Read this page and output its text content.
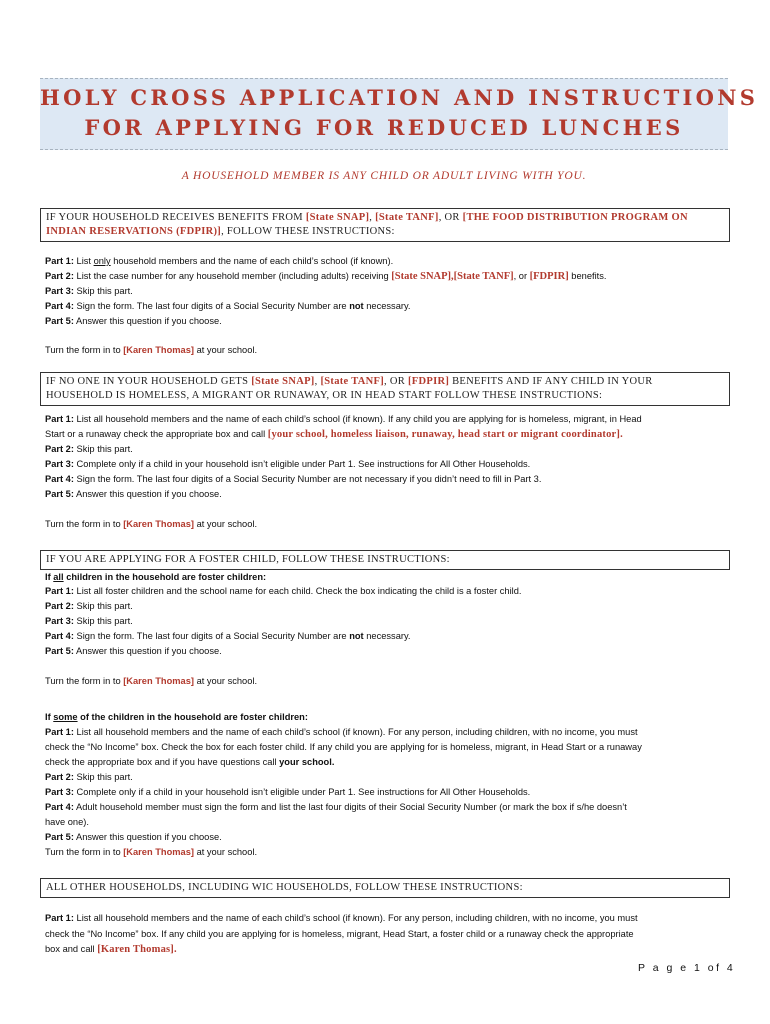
HOLY CROSS APPLICATION AND INSTRUCTIONS
FOR APPLYING FOR REDUCED LUNCHES
A HOUSEHOLD MEMBER IS ANY CHILD OR ADULT LIVING WITH YOU.
IF YOUR HOUSEHOLD RECEIVES BENEFITS FROM [State SNAP], [State TANF], OR [THE FOOD DISTRIBUTION PROGRAM ON INDIAN RESERVATIONS (FDPIR)], FOLLOW THESE INSTRUCTIONS:
Part 1: List only household members and the name of each child’s school (if known).
Part 2: List the case number for any household member (including adults) receiving [State SNAP],[State TANF], or [FDPIR] benefits.
Part 3: Skip this part.
Part 4: Sign the form. The last four digits of a Social Security Number are not necessary.
Part 5: Answer this question if you choose.
Turn the form in to [Karen Thomas] at your school.
IF NO ONE IN YOUR HOUSEHOLD GETS [State SNAP], [State TANF], OR [FDPIR] BENEFITS AND IF ANY CHILD IN YOUR
HOUSEHOLD IS HOMELESS, A MIGRANT OR RUNAWAY, OR IN HEAD START FOLLOW THESE INSTRUCTIONS:
Part 1: List all household members and the name of each child’s school (if known). If any child you are applying for is homeless, migrant, in Head
Start or a runaway check the appropriate box and call [your school, homeless liaison, runaway, head start or migrant coordinator].
Part 2: Skip this part.
Part 3: Complete only if a child in your household isn’t eligible under Part 1. See instructions for All Other Households.
Part 4: Sign the form. The last four digits of a Social Security Number are not necessary if you didn’t need to fill in Part 3.
Part 5: Answer this question if you choose.
Turn the form in to [Karen Thomas] at your school.
IF YOU ARE APPLYING FOR A FOSTER CHILD, FOLLOW THESE INSTRUCTIONS:
If all children in the household are foster children:
Part 1: List all foster children and the school name for each child. Check the box indicating the child is a foster child.
Part 2: Skip this part.
Part 3: Skip this part.
Part 4: Sign the form. The last four digits of a Social Security Number are not necessary.
Part 5: Answer this question if you choose.
Turn the form in to [Karen Thomas] at your school.
If some of the children in the household are foster children:
Part 1: List all household members and the name of each child’s school (if known). For any person, including children, with no income, you must
check the “No Income” box. Check the box for each foster child. If any child you are applying for is homeless, migrant, in Head Start or a runaway
check the appropriate box and if you have questions call your school.
Part 2: Skip this part.
Part 3: Complete only if a child in your household isn’t eligible under Part 1. See instructions for All Other Households.
Part 4: Adult household member must sign the form and list the last four digits of their Social Security Number (or mark the box if s/he doesn’t
have one).
Part 5: Answer this question if you choose.
Turn the form in to [Karen Thomas] at your school.
ALL OTHER HOUSEHOLDS, INCLUDING WIC HOUSEHOLDS, FOLLOW THESE INSTRUCTIONS:
Part 1: List all household members and the name of each child’s school (if known). For any person, including children, with no income, you must
check the “No Income” box. If any child you are applying for is homeless, migrant, Head Start, a foster child or a runaway check the appropriate
box and call [Karen Thomas].
P a g e 1 of 4
